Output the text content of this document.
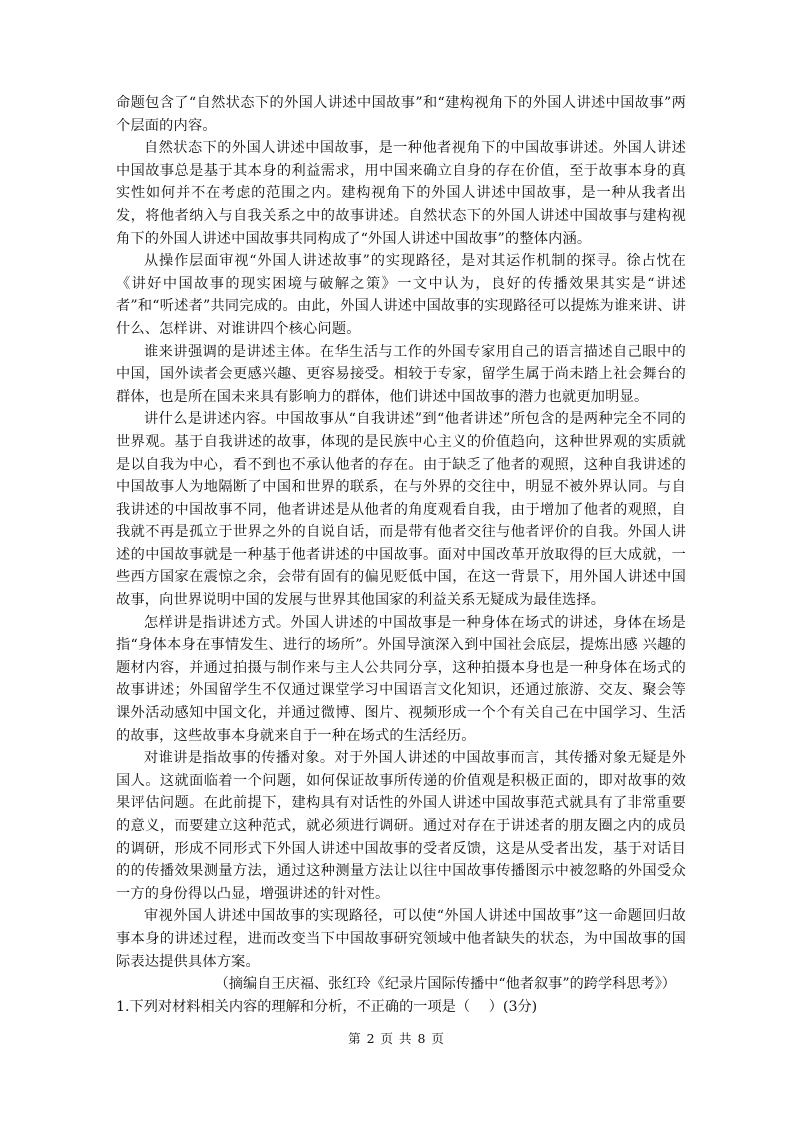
命题包含了“自然状态下的外国人讲述中国故事”和“建构视角下的外国人讲述中国故事”两个层面的内容。

自然状态下的外国人讲述中国故事，是一种他者视角下的中国故事讲述。外国人讲述中国故事总是基于其本身的利益需求，用中国来确立自身的存在价值，至于故事本身的真实性如何并不在考虑的范围之内。建构视角下的外国人讲述中国故事，是一种从我者出发，将他者纳入与自我关系之中的故事讲述。自然状态下的外国人讲述中国故事与建构视角下的外国人讲述中国故事共同构成了“外国人讲述中国故事”的整体内涵。

从操作层面审视“外国人讲述故事”的实现路径，是对其运作机制的探寻。徐占忱在《讲好中国故事的现实困境与破解之策》一文中认为，良好的传播效果其实是“讲述者”和“听述者”共同完成的。由此，外国人讲述中国故事的实现路径可以提炼为谁来讲、讲什么、怎样讲、对谁讲四个核心问题。

谁来讲强调的是讲述主体。在华生活与工作的外国专家用自己的语言描述自己眼中的中国，国外读者会更感兴趣、更容易接受。相较于专家，留学生属于尚未踏上社会舞台的群体，也是所在国未来具有影响力的群体，他们讲述中国故事的潜力也就更加明显。

讲什么是讲述内容。中国故事从“自我讲述”到“他者讲述”所包含的是两种完全不同的世界观。基于自我讲述的故事，体现的是民族中心主义的价值趋向，这种世界观的实质就是以自我为中心，看不到也不承认他者的存在。由于缺乏了他者的观照，这种自我讲述的中国故事人为地隔断了中国和世界的联系，在与外界的交往中，明显不被外界认同。与自我讲述的中国故事不同，他者讲述是从他者的角度观看自我，由于增加了他者的观照，自我就不再是孤立于世界之外的自说自话，而是带有他者交往与他者评价的自我。外国人讲述的中国故事就是一种基于他者讲述的中国故事。面对中国改革开放取得的巨大成就，一些西方国家在震惊之余，会带有固有的偏见贬低中国，在这一背景下，用外国人讲述中国故事，向世界说明中国的发展与世界其他国家的利益关系无疑成为最佳选择。

怎样讲是指讲述方式。外国人讲述的中国故事是一种身体在场式的讲述，身体在场是指“身体本身在事情发生、进行的场所”。外国导演深入到中国社会底层，提炼出感 兴趣的题材内容，并通过拍摄与制作来与主人公共同分享，这种拍摄本身也是一种身体在场式的故事讲述；外国留学生不仅通过课堂学习中国语言文化知识，还通过旅游、交友、聚会等课外活动感知中国文化，并通过微博、图片、视频形成一个个有关自己在中国学习、生活的故事，这些故事本身就来自于一种在场式的生活经历。

对谁讲是指故事的传播对象。对于外国人讲述的中国故事而言，其传播对象无疑是外国人。这就面临着一个问题，如何保证故事所传递的价值观是积极正面的，即对故事的效果评估问题。在此前提下，建构具有对话性的外国人讲述中国故事范式就具有了非常重要的意义，而要建立这种范式，就必须进行调研。通过对存在于讲述者的朋友圈之内的成员的调研，形成不同形式下外国人讲述中国故事的受者反馈，这是从受者出发，基于对话目的的传播效果测量方法，通过这种测量方法让以往中国故事传播图示中被忽略的外国受众一方的身份得以凸显，增强讲述的针对性。

审视外国人讲述中国故事的实现路径，可以使“外国人讲述中国故事”这一命题回归故事本身的讲述过程，进而改变当下中国故事研究领域中他者缺失的状态，为中国故事的国际表达提供具体方案。

（摘编自王庆福、张红玲《纪录片国际传播中“他者叙事”的跨学科思考》）

1.下列对材料相关内容的理解和分析，不正确的一项是（　 ）(3分)

第 2 页 共 8 页
